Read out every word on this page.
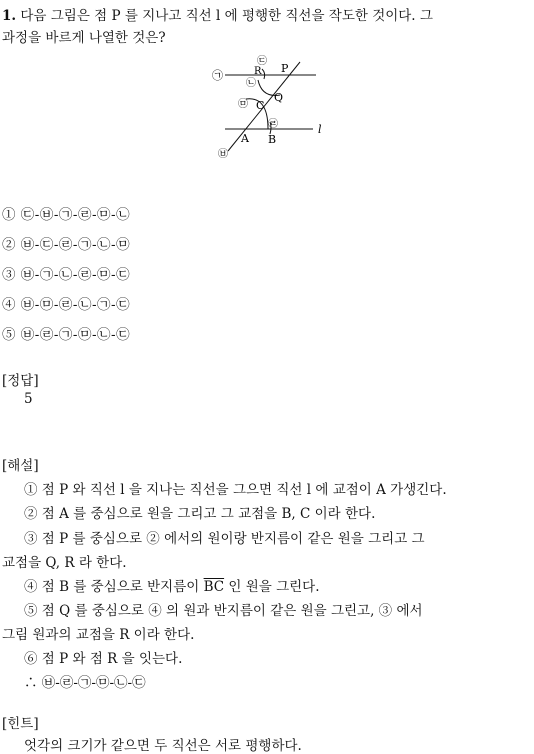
1. 다음 그림은 점 P 를 지나고 직선 l 에 평행한 직선을 작도한 것이다. 그
과정을 바르게 나열한 것은?
㉠
㉡
㉢
㉣
㉤
㉥
P
R
Q
C
A B
l
① ㉢-㉥-㉠-㉣-㉤-㉡
② ㉥-㉢-㉣-㉠-㉡-㉤
③ ㉥-㉠-㉡-㉣-㉤-㉢
④ ㉥-㉤-㉣-㉡-㉠-㉢
⑤ ㉥-㉣-㉠-㉤-㉡-㉢
[정답]
5
[해설]
① 점 P 와 직선 l 을 지나는 직선을 그으면 직선 l 에 교점이 A 가생긴다.
② 점 A 를 중심으로 원을 그리고 그 교점을 B, C 이라 한다.
③ 점 P 를 중심으로 ② 에서의 원이랑 반지름이 같은 원을 그리고 그
교점을 Q, R 라 한다.
④ 점 B 를 중심으로 반지름이 $\overline{BC}$ 인 원을 그린다.
⑤ 점 Q 를 중심으로 ④ 의 원과 반지름이 같은 원을 그린고, ③ 에서
그림 원과의 교점을 R 이라 한다.
⑥ 점 P 와 점 R 을 잇는다.
∴ ㉥-㉣-㉠-㉤-㉡-㉢
[힌트]
엇각의 크기가 같으면 두 직선은 서로 평행하다.
